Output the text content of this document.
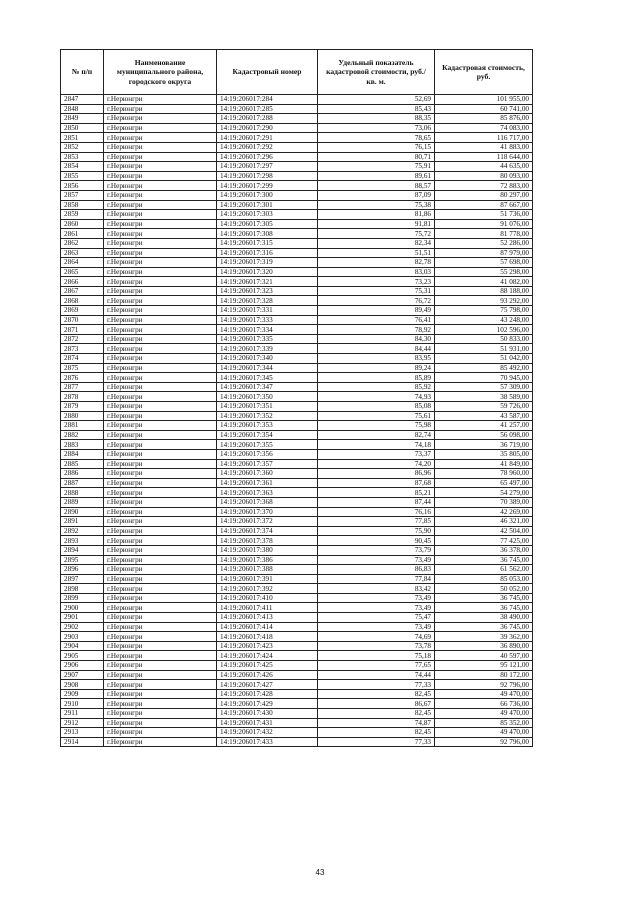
№ п/п	Наименование муниципального района, городского округа	Кадастровый номер	Удельный показатель кадастровой стоимости, руб./кв. м.	Кадастровая стоимость, руб.
2847	г.Нерюнгри	14:19:206017:284	52,69	101 955,00
2848	г.Нерюнгри	14:19:206017:285	85,43	60 741,00
2849	г.Нерюнгри	14:19:206017:288	88,35	85 876,00
2850	г.Нерюнгри	14:19:206017:290	73,06	74 083,00
2851	г.Нерюнгри	14:19:206017:291	78,65	116 717,00
2852	г.Нерюнгри	14:19:206017:292	76,15	41 883,00
2853	г.Нерюнгри	14:19:206017:296	80,71	118 644,00
2854	г.Нерюнгри	14:19:206017:297	75,91	44 635,00
2855	г.Нерюнгри	14:19:206017:298	89,61	80 093,00
2856	г.Нерюнгри	14:19:206017:299	88,57	72 883,00
2857	г.Нерюнгри	14:19:206017:300	87,09	80 297,00
2858	г.Нерюнгри	14:19:206017:301	75,38	87 667,00
2859	г.Нерюнгри	14:19:206017:303	81,86	51 736,00
2860	г.Нерюнгри	14:19:206017:305	91,81	91 076,00
2861	г.Нерюнгри	14:19:206017:308	75,72	81 778,00
2862	г.Нерюнгри	14:19:206017:315	82,34	52 286,00
2863	г.Нерюнгри	14:19:206017:316	51,51	87 979,00
2864	г.Нерюнгри	14:19:206017:319	82,78	57 698,00
2865	г.Нерюнгри	14:19:206017:320	83,03	55 298,00
2866	г.Нерюнгри	14:19:206017:321	73,23	41 082,00
2867	г.Нерюнгри	14:19:206017:323	75,31	88 188,00
2868	г.Нерюнгри	14:19:206017:328	76,72	93 292,00
2869	г.Нерюнгри	14:19:206017:331	89,49	75 798,00
2870	г.Нерюнгри	14:19:206017:333	76,41	43 248,00
2871	г.Нерюнгри	14:19:206017:334	78,92	102 596,00
2872	г.Нерюнгри	14:19:206017:335	84,30	50 833,00
2873	г.Нерюнгри	14:19:206017:339	84,44	51 931,00
2874	г.Нерюнгри	14:19:206017:340	83,95	51 042,00
2875	г.Нерюнгри	14:19:206017:344	89,24	85 492,00
2876	г.Нерюнгри	14:19:206017:345	85,89	70 945,00
2877	г.Нерюнгри	14:19:206017:347	85,92	57 309,00
2878	г.Нерюнгри	14:19:206017:350	74,93	38 589,00
2879	г.Нерюнгри	14:19:206017:351	85,08	59 726,00
2880	г.Нерюнгри	14:19:206017:352	75,61	43 587,00
2881	г.Нерюнгри	14:19:206017:353	75,98	41 257,00
2882	г.Нерюнгри	14:19:206017:354	82,74	56 098,00
2883	г.Нерюнгри	14:19:206017:355	74,18	36 719,00
2884	г.Нерюнгри	14:19:206017:356	73,37	35 805,00
2885	г.Нерюнгри	14:19:206017:357	74,20	41 849,00
2886	г.Нерюнгри	14:19:206017:360	86,96	78 960,00
2887	г.Нерюнгри	14:19:206017:361	87,68	65 497,00
2888	г.Нерюнгри	14:19:206017:363	85,21	54 279,00
2889	г.Нерюнгри	14:19:206017:368	87,44	70 389,00
2890	г.Нерюнгри	14:19:206017:370	76,16	42 269,00
2891	г.Нерюнгри	14:19:206017:372	77,85	46 321,00
2892	г.Нерюнгри	14:19:206017:374	75,90	42 504,00
2893	г.Нерюнгри	14:19:206017:378	90,45	77 425,00
2894	г.Нерюнгри	14:19:206017:380	73,79	36 378,00
2895	г.Нерюнгри	14:19:206017:386	73,49	36 745,00
2896	г.Нерюнгри	14:19:206017:388	86,83	61 562,00
2897	г.Нерюнгри	14:19:206017:391	77,84	85 053,00
2898	г.Нерюнгри	14:19:206017:392	83,42	50 052,00
2899	г.Нерюнгри	14:19:206017:410	73,49	36 745,00
2900	г.Нерюнгри	14:19:206017:411	73,49	36 745,00
2901	г.Нерюнгри	14:19:206017:413	75,47	38 490,00
2902	г.Нерюнгри	14:19:206017:414	73,49	36 745,00
2903	г.Нерюнгри	14:19:206017:418	74,69	39 362,00
2904	г.Нерюнгри	14:19:206017:423	73,78	36 890,00
2905	г.Нерюнгри	14:19:206017:424	75,18	40 597,00
2906	г.Нерюнгри	14:19:206017:425	77,65	95 121,00
2907	г.Нерюнгри	14:19:206017:426	74,44	80 172,00
2908	г.Нерюнгри	14:19:206017:427	77,33	92 796,00
2909	г.Нерюнгри	14:19:206017:428	82,45	49 470,00
2910	г.Нерюнгри	14:19:206017:429	86,67	66 736,00
2911	г.Нерюнгри	14:19:206017:430	82,45	49 470,00
2912	г.Нерюнгри	14:19:206017:431	74,87	85 352,00
2913	г.Нерюнгри	14:19:206017:432	82,45	49 470,00
2914	г.Нерюнгри	14:19:206017:433	77,33	92 796,00
43
